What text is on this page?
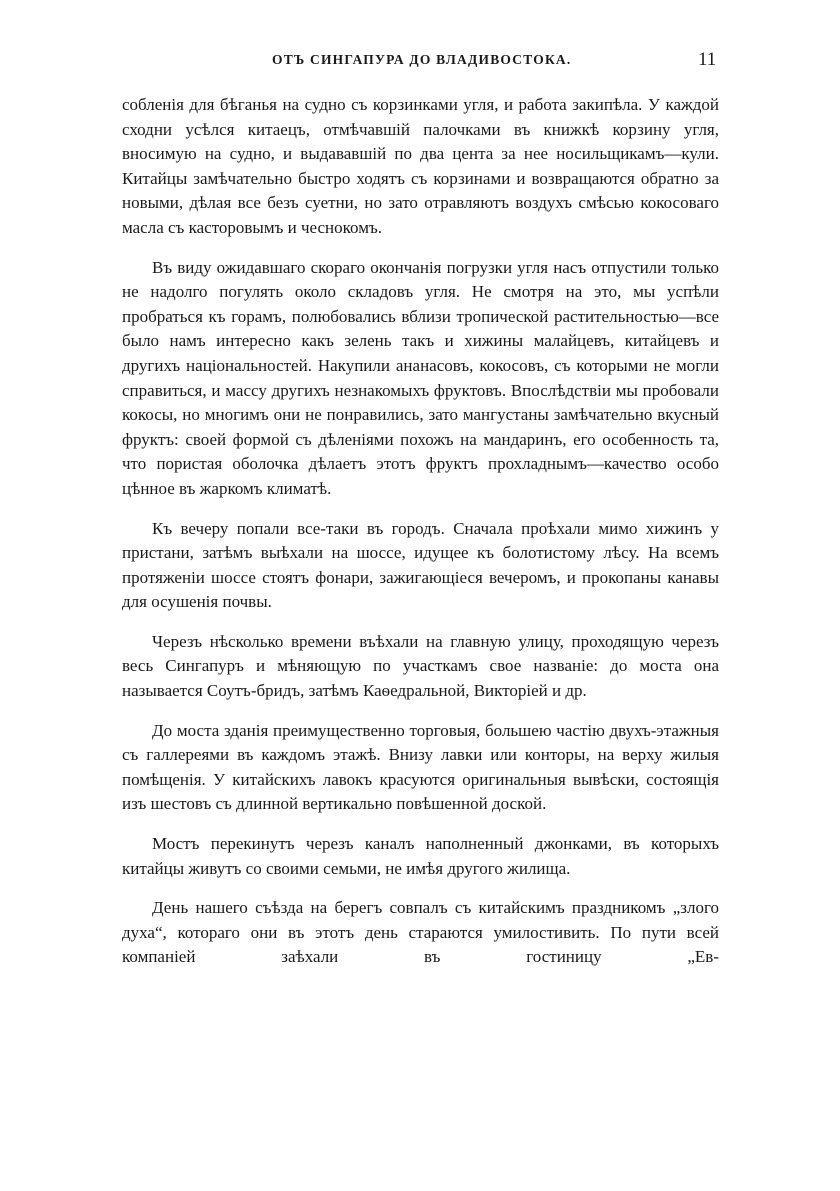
ОТЪ СИНГАПУРА ДО ВЛАДИВОСТОКА.	11

собленія для бѣганья на судно съ корзинками угля, и работа закипѣла. У каждой сходни усѣлся китаецъ, отмѣчавшій палочками въ книжкѣ корзину угля, вносимую на судно, и выдававшій по два цента за нее носильщикамъ—кули. Китайцы замѣчательно быстро ходятъ съ корзинами и возвращаются обратно за новыми, дѣлая все безъ суетни, но зато отравляютъ воздухъ смѣсью кокосоваго масла съ касторовымъ и чеснокомъ.

Въ виду ожидавшаго скораго окончанія погрузки угля насъ отпустили только не надолго погулять около складовъ угля. Не смотря на это, мы успѣли пробраться къ горамъ, полюбовались вблизи тропической растительностью—все было намъ интересно какъ зелень такъ и хижины малайцевъ, китайцевъ и другихъ національностей. Накупили ананасовъ, кокосовъ, съ которыми не могли справиться, и массу другихъ незнакомыхъ фруктовъ. Впослѣдствіи мы пробовали кокосы, но многимъ они не понравились, зато мангустаны замѣчательно вкусный фруктъ: своей формой съ дѣленіями похожъ на мандаринъ, его особенность та, что пористая оболочка дѣлаетъ этотъ фруктъ прохладнымъ—качество особо цѣнное въ жаркомъ климатѣ.

Къ вечеру попали все-таки въ городъ. Сначала проѣхали мимо хижинъ у пристани, затѣмъ выѣхали на шоссе, идущее къ болотистому лѣсу. На всемъ протяженіи шоссе стоятъ фонари, зажигающіеся вечеромъ, и прокопаны канавы для осушенія почвы.

Черезъ нѣсколько времени въѣхали на главную улицу, проходящую черезъ весь Сингапуръ и мѣняющую по участкамъ свое названіе: до моста она называется Соутъ-бридъ, затѣмъ Каѳедральной, Викторіей и др.

До моста зданія преимущественно торговыя, большею частію двухъ-этажныя съ галлереями въ каждомъ этажѣ. Внизу лавки или конторы, на верху жилыя помѣщенія. У китайскихъ лавокъ красуются оригинальныя вывѣски, состоящія изъ шестовъ съ длинной вертикально повѣшенной доской.

Мостъ перекинутъ черезъ каналъ наполненный джонками, въ которыхъ китайцы живутъ со своими семьми, не имѣя другого жилища.

День нашего съѣзда на берегъ совпалъ съ китайскимъ праздникомъ „злого духа“, котораго они въ этотъ день стараются умилостивить. По пути всей компаніей заѣхали въ гостиницу „Ев-
